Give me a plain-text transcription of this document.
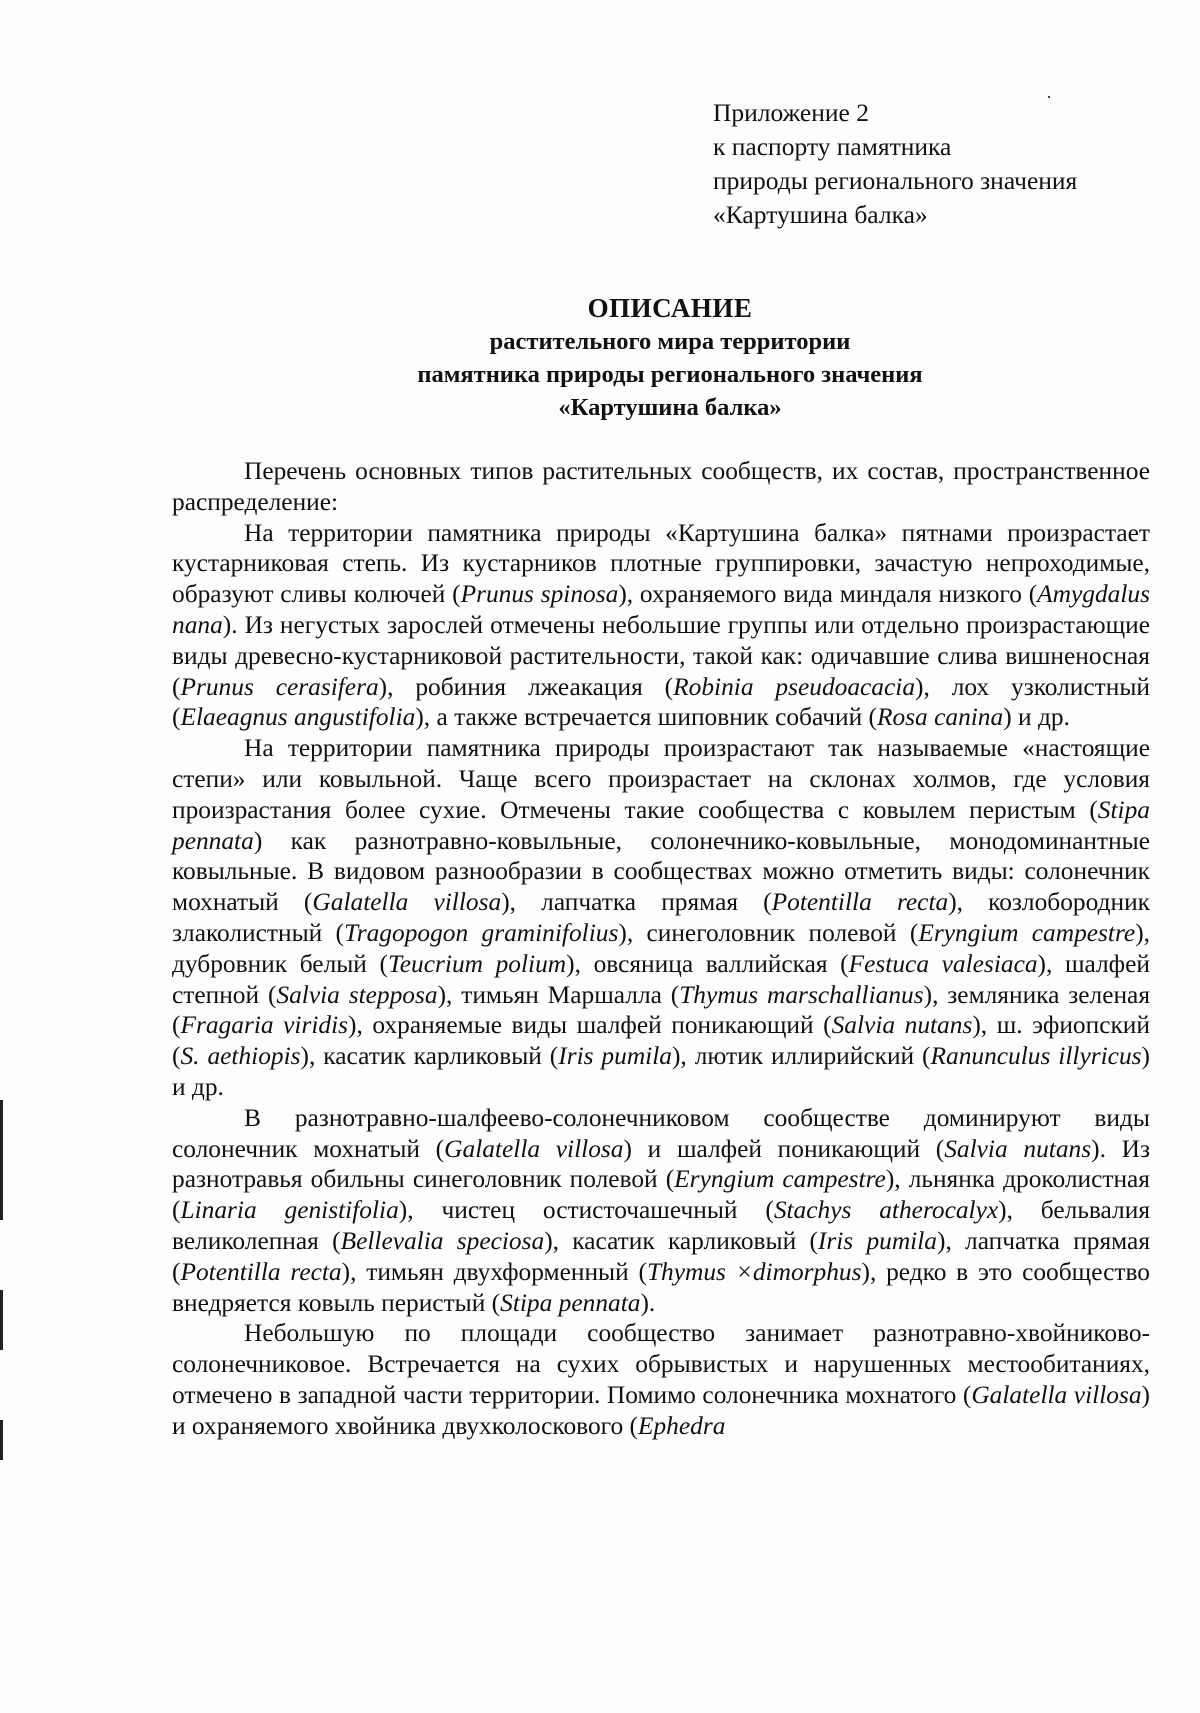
Приложение 2
к паспорту памятника
природы регионального значения
«Картушина балка»
ОПИСАНИЕ
растительного мира территории
памятника природы регионального значения
«Картушина балка»

Перечень основных типов растительных сообществ, их состав, пространственное распределение:

На территории памятника природы «Картушина балка» пятнами произрастает кустарниковая степь. Из кустарников плотные группировки, зачастую непроходимые, образуют сливы колючей (Prunus spinosa), охраняемого вида миндаля низкого (Amygdalus nana). Из негустых зарослей отмечены небольшие группы или отдельно произрастающие виды древесно-кустарниковой растительности, такой как: одичавшие слива вишненосная (Prunus cerasifera), робиния лжеакация (Robinia pseudoacacia), лох узколистный (Elaeagnus angustifolia), а также встречается шиповник собачий (Rosa canina) и др.

На территории памятника природы произрастают так называемые «настоящие степи» или ковыльной. Чаще всего произрастает на склонах холмов, где условия произрастания более сухие. Отмечены такие сообщества с ковылем перистым (Stipa pennata) как разнотравно-ковыльные, солонечнико-ковыльные, монодоминантные ковыльные. В видовом разнообразии в сообществах можно отметить виды: солонечник мохнатый (Galatella villosa), лапчатка прямая (Potentilla recta), козлобородник злаколистный (Tragopogon graminifolius), синеголовник полевой (Eryngium campestre), дубровник белый (Teucrium polium), овсяница валлийская (Festuca valesiaca), шалфей степной (Salvia stepposa), тимьян Маршалла (Thymus marschallianus), земляника зеленая (Fragaria viridis), охраняемые виды шалфей поникающий (Salvia nutans), ш. эфиопский (S. aethiopis), касатик карликовый (Iris pumila), лютик иллирийский (Ranunculus illyricus) и др.

В разнотравно-шалфеево-солонечниковом сообществе доминируют виды солонечник мохнатый (Galatella villosa) и шалфей поникающий (Salvia nutans). Из разнотравья обильны синеголовник полевой (Eryngium campestre), льнянка дроколистная (Linaria genistifolia), чистец остисточашечный (Stachys atherocalyx), бельвалия великолепная (Bellevalia speciosa), касатик карликовый (Iris pumila), лапчатка прямая (Potentilla recta), тимьян двухформенный (Thymus ×dimorphus), редко в это сообщество внедряется ковыль перистый (Stipa pennata).

Небольшую по площади сообщество занимает разнотравно-хвойниково-солонечниковое. Встречается на сухих обрывистых и нарушенных местообитаниях, отмечено в западной части территории. Помимо солонечника мохнатого (Galatella villosa) и охраняемого хвойника двухколоскового (Ephedra
